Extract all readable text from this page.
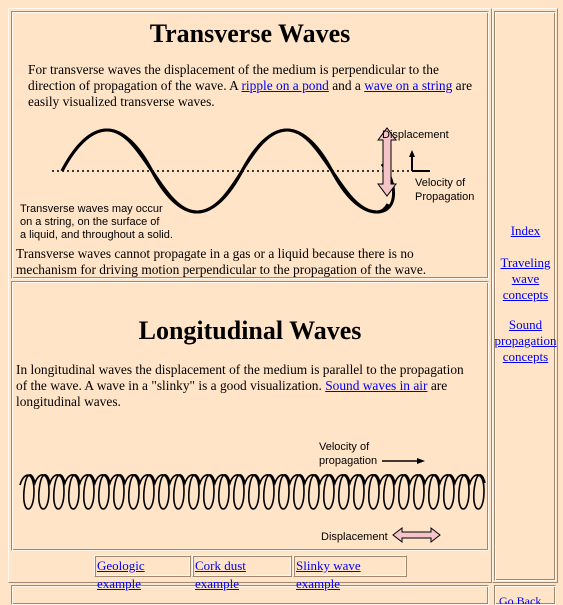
Transverse Waves

For transverse waves the displacement of the medium is perpendicular to the direction of propagation of the wave. A ripple on a pond and a wave on a string are easily visualized transverse waves.

Displacement
Velocity of
Propagation
Transverse waves may occur
on a string, on the surface of
a liquid, and throughout a solid.

Transverse waves cannot propagate in a gas or a liquid because there is no mechanism for driving motion perpendicular to the propagation of the wave.

Longitudinal Waves

In longitudinal waves the displacement of the medium is parallel to the propagation of the wave. A wave in a "slinky" is a good visualization. Sound waves in air are longitudinal waves.

Velocity of
propagation
Displacement
Geologic example
Cork dust example
Slinky wave example
Index
Traveling
wave
concepts
Sound
propagation
concepts
Go Back
